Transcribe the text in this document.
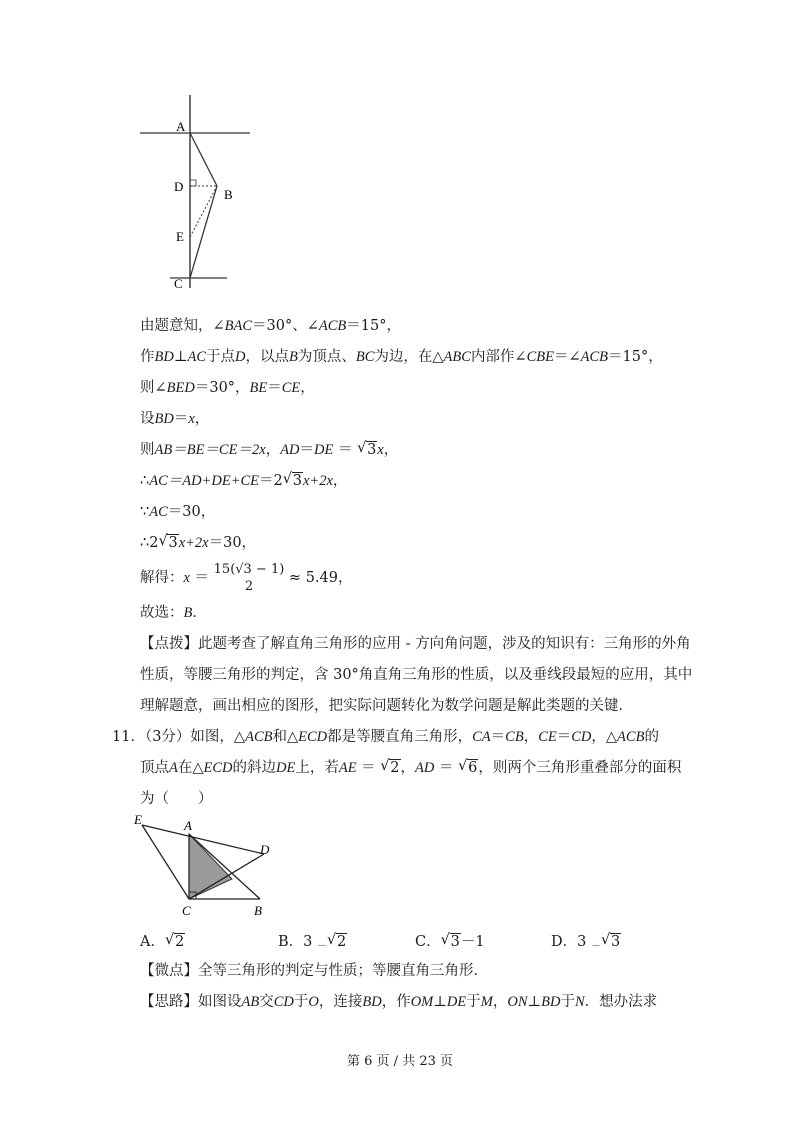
A
D
B
E
C
由题意知，∠BAC＝30°、∠ACB＝15°，
作BD⊥AC于点D，以点B为顶点、BC为边，在△ABC内部作∠CBE＝∠ACB＝15°，
则∠BED＝30°，BE＝CE，
设BD＝x，
则AB＝BE＝CE＝2x，AD＝DE ＝ √ 3x，
∴AC＝AD+DE+CE＝2 √ 3x+2x，
∵AC＝30，
∴2 √ 3x+2x＝30，
解得：x ＝
15(√3 − 1)
2
≈ 5.49，
故选：B．
【点拨】此题考查了解直角三角形的应用 - 方向角问题，涉及的知识有：三角形的外角
性质，等腰三角形的判定，含 30°角直角三角形的性质，以及垂线段最短的应用，其中
理解题意，画出相应的图形，把实际问题转化为数学问题是解此类题的关键．
11．（3分）如图，△ACB和△ECD都是等腰直角三角形，CA＝CB，CE＝CD，△ACB的
顶点A在△ECD的斜边DE上，若AE ＝ √ 2，AD ＝ √ 6，则两个三角形重叠部分的面积
为（　　）
E	A
D
C	B
A． √ 2	B．3 $_-$ √ 2	C． √ 3－1	D．3 $_-$ √ 3
【微点】全等三角形的判定与性质；等腰直角三角形．
【思路】如图设AB交CD于O，连接BD，作OM⊥DE于M，ON⊥BD于N．想办法求
第 6 页 / 共 23 页
